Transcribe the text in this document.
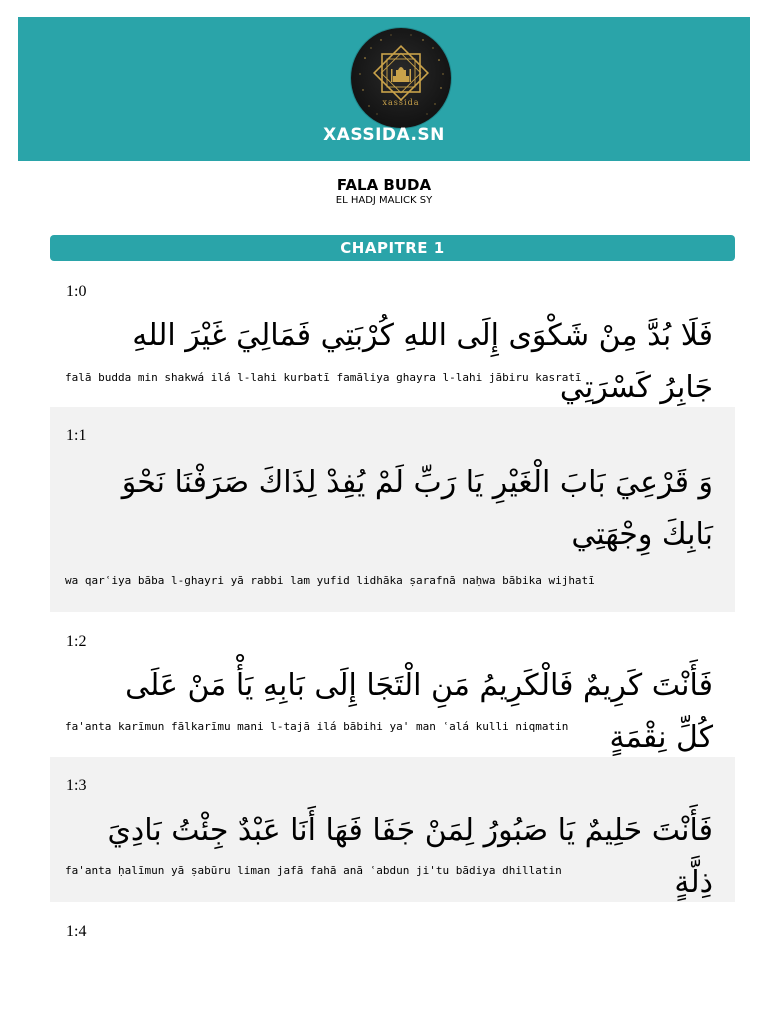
xassida
XASSIDA.SN
FALA BUDA
EL HADJ MALICK SY
CHAPITRE 1
1:0
فَلَا بُدَّ مِنْ شَكْوَى إِلَى اللهِ كُرْبَتِي فَمَالِيَ غَيْرَ اللهِ جَابِرُ كَسْرَتِي
falā budda min shakwá ilá l-lahi kurbatī famāliya ghayra l-lahi jābiru kasratī
1:1
وَ قَرْعِيَ بَابَ الْغَيْرِ يَا رَبِّ لَمْ يُفِدْ لِذَاكَ صَرَفْنَا نَحْوَ بَابِكَ وِجْهَتِي
wa qarʿiya bāba l-ghayri yā rabbi lam yufid lidhāka ṣarafnā naḥwa bābika wijhatī
1:2
فَأَنْتَ كَرِيمٌ فَالْكَرِيمُ مَنِ الْتَجَا إِلَى بَابِهِ يَأْ مَنْ عَلَى كُلِّ نِقْمَةٍ
fa'anta karīmun fālkarīmu mani l-tajā ilá bābihi ya' man ʿalá kulli niqmatin
1:3
فَأَنْتَ حَلِيمٌ يَا صَبُورُ لِمَنْ جَفَا فَهَا أَنَا عَبْدٌ جِئْتُ بَادِيَ ذِلَّةٍ
fa'anta ḥalīmun yā ṣabūru liman jafā fahā anā ʿabdun ji'tu bādiya dhillatin
1:4
